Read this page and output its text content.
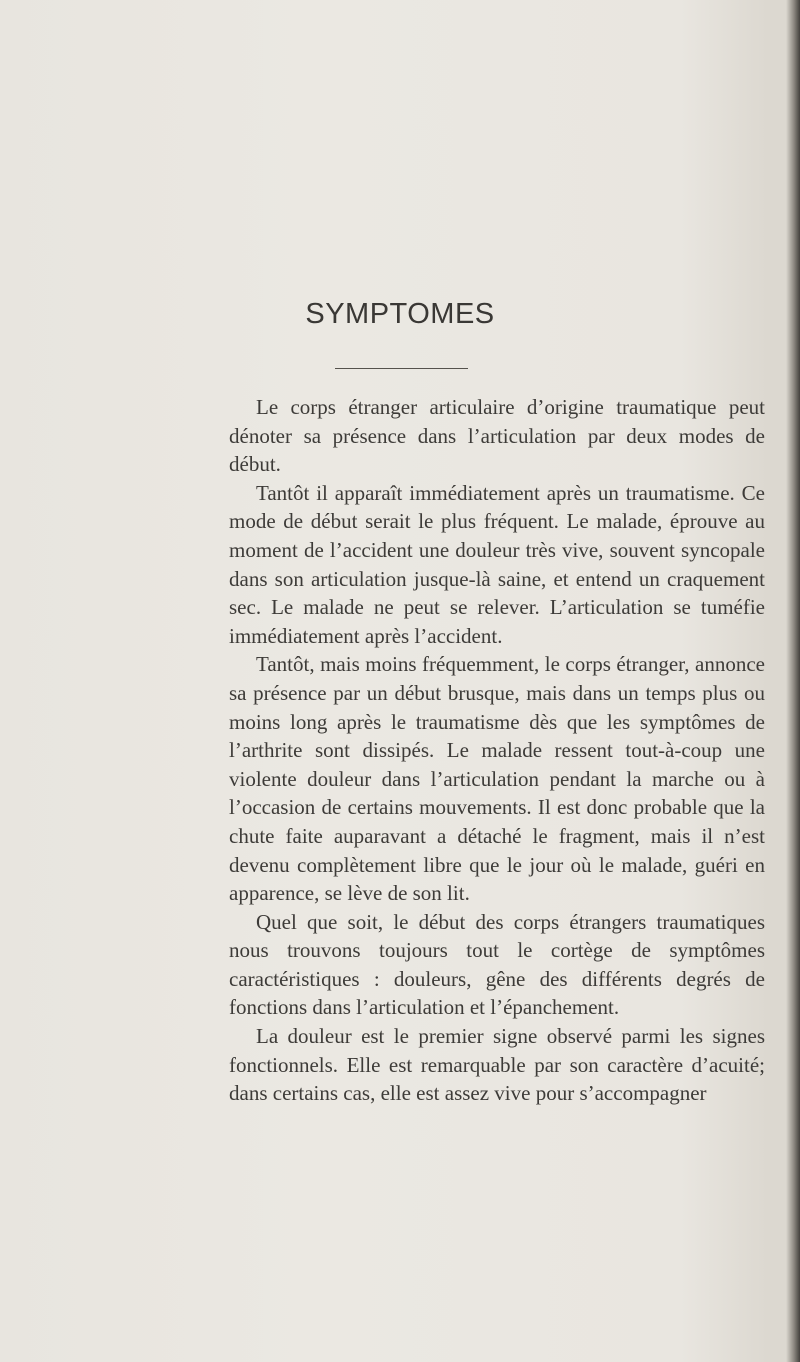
SYMPTOMES

Le corps étranger articulaire d’origine traumatique peut dénoter sa présence dans l’articulation par deux modes de début.

Tantôt il apparaît immédiatement après un traumatisme. Ce mode de début serait le plus fréquent. Le malade, éprouve au moment de l’accident une douleur très vive, souvent syncopale dans son articulation jusque-là saine, et entend un craquement sec. Le malade ne peut se relever. L’articulation se tuméfie immédiatement après l’accident.

Tantôt, mais moins fréquemment, le corps étranger, annonce sa présence par un début brusque, mais dans un temps plus ou moins long après le traumatisme dès que les symptômes de l’arthrite sont dissipés. Le malade ressent tout-à-coup une violente douleur dans l’articulation pendant la marche ou à l’occasion de certains mouvements. Il est donc probable que la chute faite auparavant a détaché le fragment, mais il n’est devenu complètement libre que le jour où le malade, guéri en apparence, se lève de son lit.

Quel que soit, le début des corps étrangers traumatiques nous trouvons toujours tout le cortège de symptômes caractéristiques : douleurs, gêne des différents degrés de fonctions dans l’articulation et l’épanchement.

La douleur est le premier signe observé parmi les signes fonctionnels. Elle est remarquable par son caractère d’acuité; dans certains cas, elle est assez vive pour s’accompagner
